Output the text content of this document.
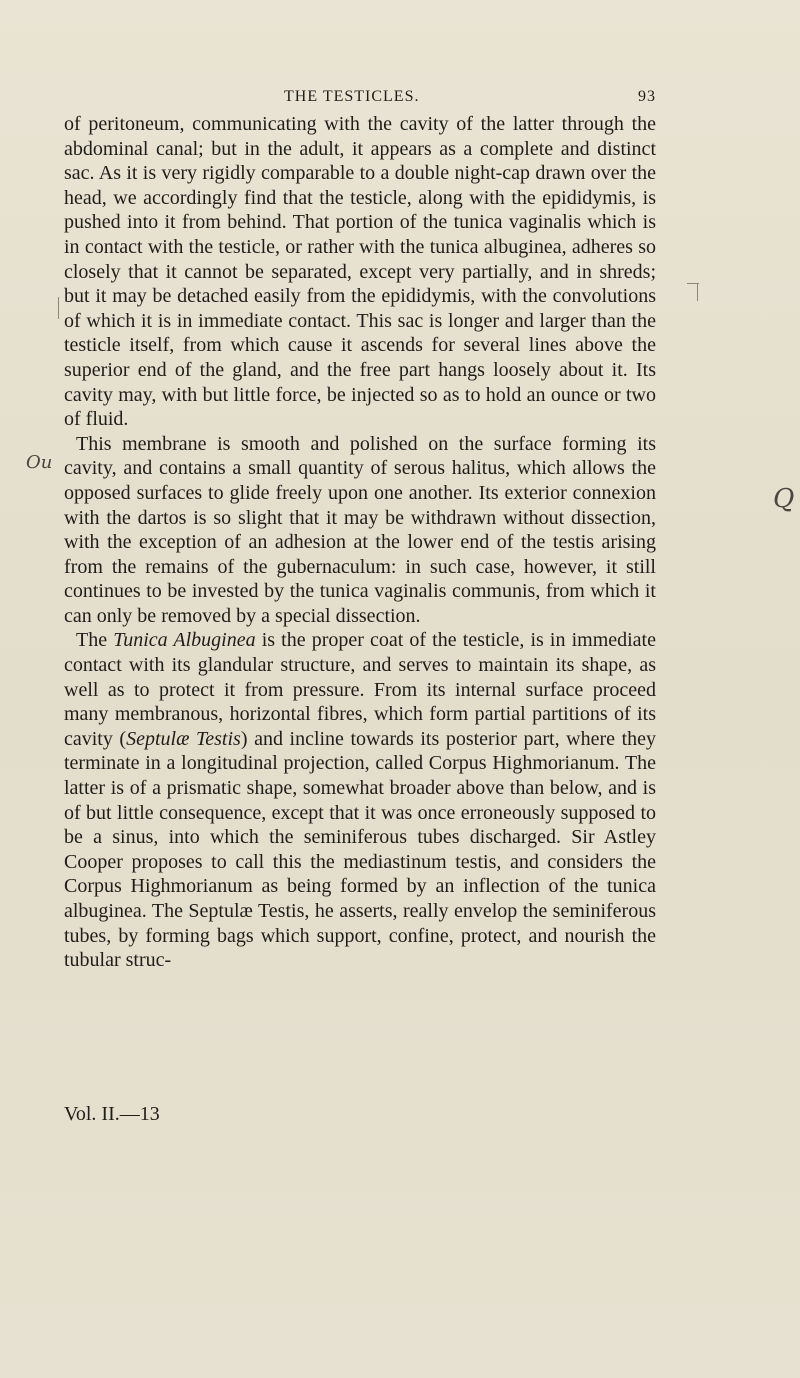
THE TESTICLES.	93

of peritoneum, communicating with the cavity of the latter through the abdominal canal; but in the adult, it appears as a complete and distinct sac. As it is very rigidly comparable to a double night-cap drawn over the head, we accordingly find that the testicle, along with the epididymis, is pushed into it from behind. That portion of the tunica vaginalis which is in contact with the testicle, or rather with the tunica albuginea, adheres so closely that it cannot be separated, except very partially, and in shreds; but it may be detached easily from the epididymis, with the convolutions of which it is in immediate contact. This sac is longer and larger than the testicle itself, from which cause it ascends for several lines above the superior end of the gland, and the free part hangs loosely about it. Its cavity may, with but little force, be injected so as to hold an ounce or two of fluid.

This membrane is smooth and polished on the surface forming its cavity, and contains a small quantity of serous halitus, which allows the opposed surfaces to glide freely upon one another. Its exterior connexion with the dartos is so slight that it may be withdrawn without dissection, with the exception of an adhesion at the lower end of the testis arising from the remains of the gubernaculum: in such case, however, it still continues to be invested by the tunica vaginalis communis, from which it can only be removed by a special dissection.

The Tunica Albuginea is the proper coat of the testicle, is in immediate contact with its glandular structure, and serves to maintain its shape, as well as to protect it from pressure. From its internal surface proceed many membranous, horizontal fibres, which form partial partitions of its cavity (Septulæ Testis) and incline towards its posterior part, where they terminate in a longitudinal projection, called Corpus Highmorianum. The latter is of a prismatic shape, somewhat broader above than below, and is of but little consequence, except that it was once erroneously supposed to be a sinus, into which the seminiferous tubes discharged. Sir Astley Cooper proposes to call this the mediastinum testis, and considers the Corpus Highmorianum as being formed by an inflection of the tunica albuginea. The Septulæ Testis, he asserts, really envelop the seminiferous tubes, by forming bags which support, confine, protect, and nourish the tubular struc-

Vol. II.—13
Ou
Q
